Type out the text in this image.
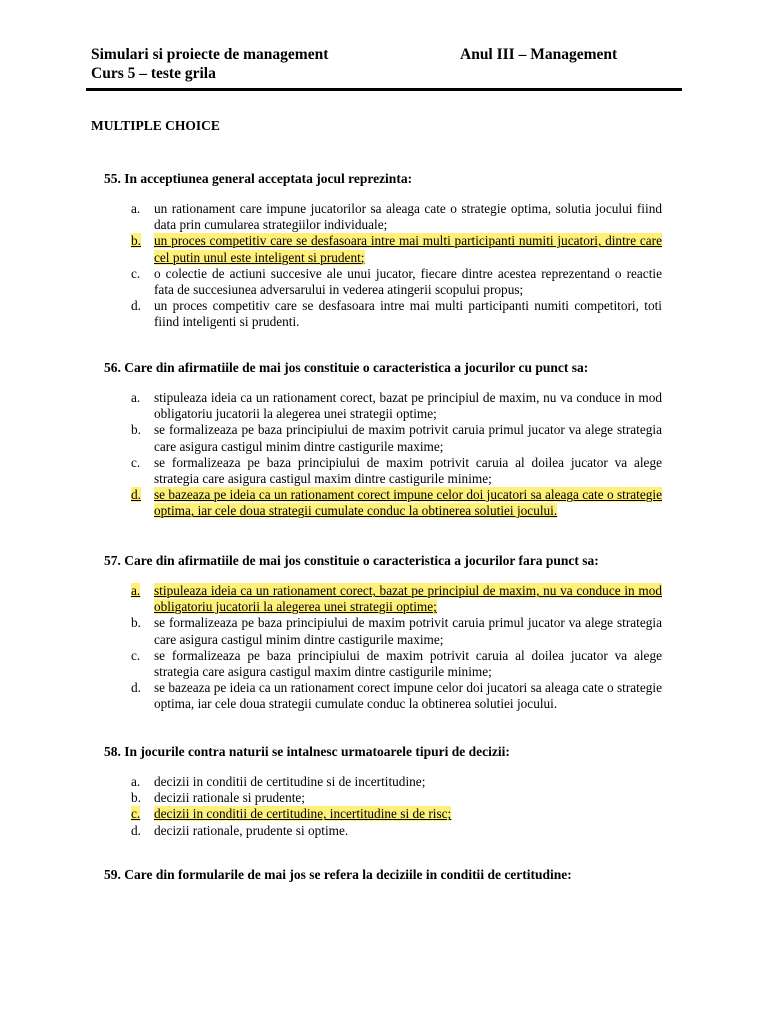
Simulari si proiecte de management	Anul III – Management
Curs 5 – teste grila
MULTIPLE CHOICE
55. In acceptiunea general acceptata jocul reprezinta:
a.	un rationament care impune jucatorilor sa aleaga cate o strategie optima, solutia jocului fiind data prin cumularea strategiilor individuale;
b. un proces competitiv care se desfasoara intre mai multi participanti numiti jucatori, dintre care cel putin unul este inteligent si prudent;
c.	o colectie de actiuni succesive ale unui jucator, fiecare dintre acestea reprezentand o reactie fata de succesiunea adversarului in vederea atingerii scopului propus;
d. un proces competitiv care se desfasoara intre mai multi participanti numiti competitori, toti fiind inteligenti si prudenti.
56. Care din afirmatiile de mai jos constituie o caracteristica a jocurilor cu punct sa:
a.	stipuleaza ideia ca un rationament corect, bazat pe principiul de maxim, nu va conduce in mod obligatoriu jucatorii la alegerea unei strategii optime;
b. se formalizeaza pe baza principiului de maxim potrivit caruia primul jucator va alege strategia care asigura castigul minim dintre castigurile maxime;
c.	se formalizeaza pe baza principiului de maxim potrivit caruia al doilea jucator va alege strategia care asigura castigul maxim dintre castigurile minime;
d. se bazeaza pe ideia ca un rationament corect impune celor doi jucatori sa aleaga cate o strategie optima, iar cele doua strategii cumulate conduc la obtinerea solutiei jocului.
57. Care din afirmatiile de mai jos constituie o caracteristica a jocurilor fara punct sa:
a.	stipuleaza ideia ca un rationament corect, bazat pe principiul de maxim, nu va conduce in mod obligatoriu jucatorii la alegerea unei strategii optime;
b. se formalizeaza pe baza principiului de maxim potrivit caruia primul jucator va alege strategia care asigura castigul minim dintre castigurile maxime;
c.	se formalizeaza pe baza principiului de maxim potrivit caruia al doilea jucator va alege strategia care asigura castigul maxim dintre castigurile minime;
d. se bazeaza pe ideia ca un rationament corect impune celor doi jucatori sa aleaga cate o strategie optima, iar cele doua strategii cumulate conduc la obtinerea solutiei jocului.
58. In jocurile contra naturii se intalnesc urmatoarele tipuri de decizii:
a.	decizii in conditii de certitudine si de incertitudine;
b. decizii rationale si prudente;
c.	decizii in conditii de certitudine, incertitudine si de risc;
d. decizii rationale, prudente si optime.
59. Care din formularile de mai jos se refera la deciziile in conditii de certitudine:
